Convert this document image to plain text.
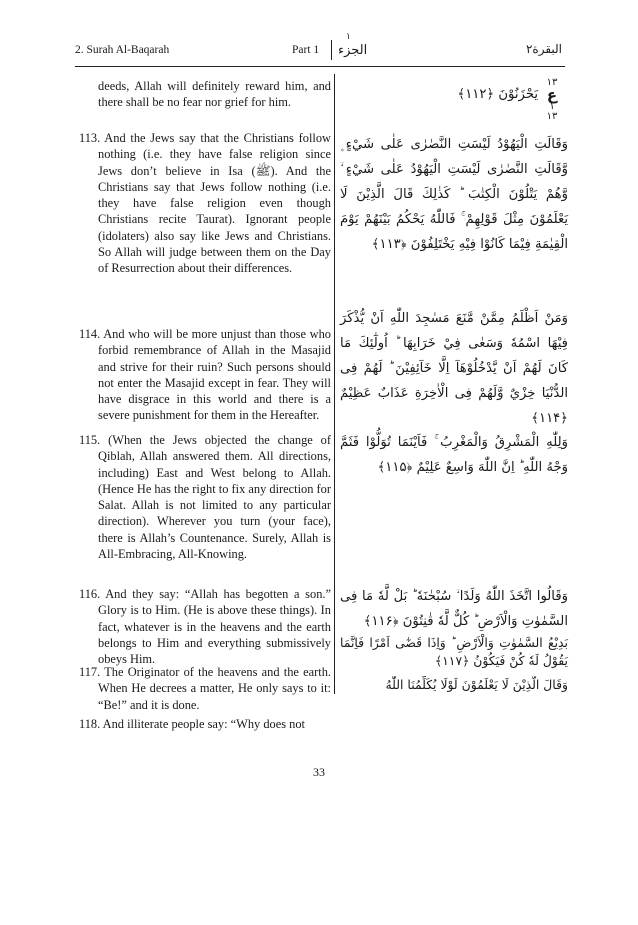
2. Surah Al-Baqarah	Part 1
١
الجزء	البقرة٢
deeds, Allah will definitely reward him, and there shall be no fear nor grief for him.
113. And the Jews say that the Christians follow nothing (i.e. they have false religion since Jews don’t believe in Isa (ﷺ). And the Christians say that Jews follow nothing (i.e. they have false religion even though Christians recite Taurat). Ignorant people (idolaters) also say like Jews and Christians. So Allah will judge between them on the Day of Resurrection about their differences.
114. And who will be more unjust than those who forbid remembrance of Allah in the Masajid and strive for their ruin? Such persons should not enter the Masajid except in fear. They will have disgrace in this world and there is a severe punishment for them in the Hereafter.
115. (When the Jews objected the change of Qiblah, Allah answered them. All directions, including) East and West belong to Allah. (Hence He has the right to fix any direction for Salat. Allah is not limited to any particular direction). Wherever you turn (your face), there is Allah’s Countenance. Surely, Allah is All-Embracing, All-Knowing.
116. And they say: “Allah has begotten a son.” Glory is to Him. (He is above these things). In fact, whatever is in the heavens and the earth belongs to Him and everything submissively obeys Him.
117. The Originator of the heavens and the earth. When He decrees a matter, He only says to it: “Be!” and it is done.
118. And illiterate people say: “Why does not
١٣
ع
١
١٣
يَحْزَنُوْنَ ﴿۱۱۲﴾
وَقَالَتِ الْيَهُوْدُ لَيْسَتِ النَّصٰرٰى عَلٰى شَيْءٍ ۪ وَّقَالَتِ النَّصٰرٰى لَيْسَتِ الْيَهُوْدُ عَلٰى شَيْءٍ ۙ وَّهُمْ يَتْلُوْنَ الْكِتٰبَ ؕ كَذٰلِكَ قَالَ الَّذِيْنَ لَا يَعْلَمُوْنَ مِثْلَ قَوْلِهِمْ ۚ فَاللّٰهُ يَحْكُمُ بَيْنَهُمْ يَوْمَ الْقِيٰمَةِ فِيْمَا كَانُوْا فِيْهِ يَخْتَلِفُوْنَ ﴿۱۱۳﴾
وَمَنْ اَظْلَمُ مِمَّنْ مَّنَعَ مَسٰجِدَ اللّٰهِ اَنْ يُّذْكَرَ فِيْهَا اسْمُهٗ وَسَعٰى فِيْ خَرَابِهَا ؕ اُولٰٓئِكَ مَا كَانَ لَهُمْ اَنْ يَّدْخُلُوْهَآ اِلَّا خَآئِفِيْنَ ؕ لَهُمْ فِى الدُّنْيَا خِزْيٌ وَّلَهُمْ فِى الْاٰخِرَةِ عَذَابٌ عَظِيْمٌ ﴿۱۱۴﴾
وَلِلّٰهِ الْمَشْرِقُ وَالْمَغْرِبُ ۚ فَاَيْنَمَا تُوَلُّوْا فَثَمَّ وَجْهُ اللّٰهِ ؕ اِنَّ اللّٰهَ وَاسِعٌ عَلِيْمٌ ﴿۱۱۵﴾
وَقَالُوا اتَّخَذَ اللّٰهُ وَلَدًا ۙ سُبْحٰنَهٗ ؕ بَلْ لَّهٗ مَا فِى السَّمٰوٰتِ وَالْاَرْضِ ؕ كُلٌّ لَّهٗ قٰنِتُوْنَ ﴿۱۱۶﴾
بَدِيْعُ السَّمٰوٰتِ وَالْاَرْضِ ؕ وَاِذَا قَضٰٓى اَمْرًا فَاِنَّمَا يَقُوْلُ لَهٗ كُنْ فَيَكُوْنُ ﴿۱۱۷﴾
وَقَالَ الَّذِيْنَ لَا يَعْلَمُوْنَ لَوْلَا يُكَلِّمُنَا اللّٰهُ
33
